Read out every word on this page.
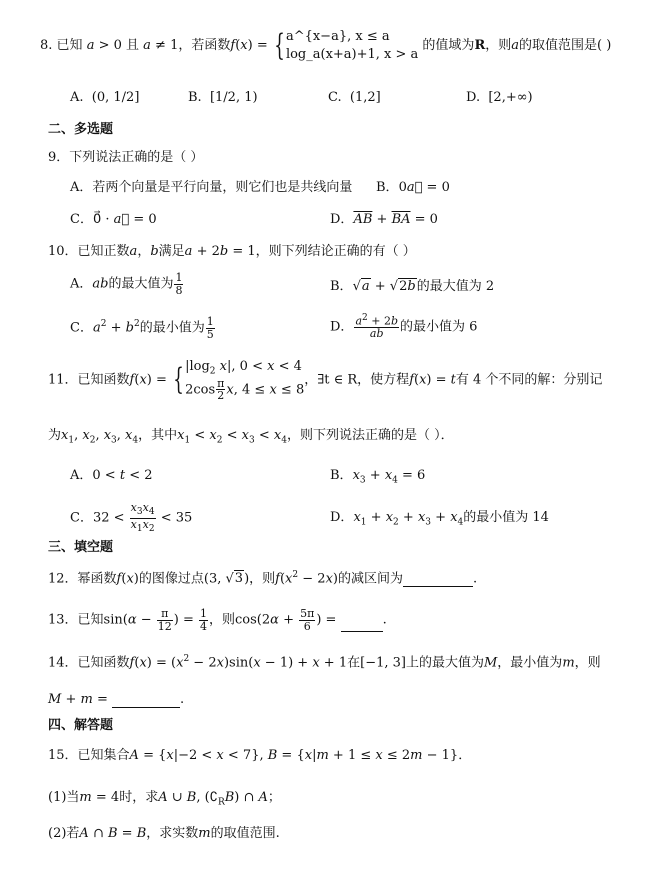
8. 已知 a > 0 且 a ≠ 1，若函数f(x) = { a^{x−a}, x ≤ a
log_a(x+a)+1, x > a
的值域为R，则a的取值范围是( )
A. (0, 1/2]	B. [1/2, 1)	C. (1,2]	D. [2,+∞)
二、多选题
9．下列说法正确的是（ ）
A．若两个向量是平行向量，则它们也是共线向量 B．0a⃗ = 0
C．0⃗ · a⃗ = 0	D．$\overline{AB} + \overline{BA} = 0$
10．已知正数a，b满足a + 2b = 1，则下列结论正确的有（ ）
A．ab的最大值为 $\frac{1}{8}$	B．√a + √2b的最大值为 2
C．$a^2 + b^2$的最小值为 $\frac{1}{5}$	D． $\frac{a^2 + 2b}{ab}$ 的最小值为 6
11．已知函数f(x) = { $|\log_2$ x|, 0 < x < 4
$2\cos \frac{\pi}{2} x$, 4 ≤ x ≤ 8
，∃t ∈ R，使方程f(x) = t有 4 个不同的解：分别记
为$x_1$, $x_2$, $x_3$, $x_4$，其中$x_1 < x_2 < x_3 < x_4$，则下列说法正确的是（ ）．
A．0 < t < 2	B．$x_3 + x_4 = 6$
C．$32 < \frac{x_3x_4}{x_1x_2} < 35$	D．$x_1 + x_2 + x_3 + x_4$的最小值为 14
三、填空题
12．幂函数f(x)的图像过点(3, √3)，则$f(x^2 - 2x)$的减区间为	.
13．已知$\sin(\alpha - \frac{\pi}{12}$ ) = $\frac{1}{4}$ ，则$\cos(2\alpha + \frac{5\pi}{6}$ ) =	.
14．已知函数$f(x) = (x^2 - 2x)\sin(x - 1) + x + 1$在[−1, 3]上的最大值为M，最小值为m，则
M + m =	.
四、解答题
15．已知集合A = {x|−2 < x < 7}, B = {x|m + 1 ≤ x ≤ 2m − 1}．
(1)当m = 4时，求A ∪ B, $(∁_RB)$ ∩ A；
(2)若A ∩ B = B，求实数m的取值范围.
